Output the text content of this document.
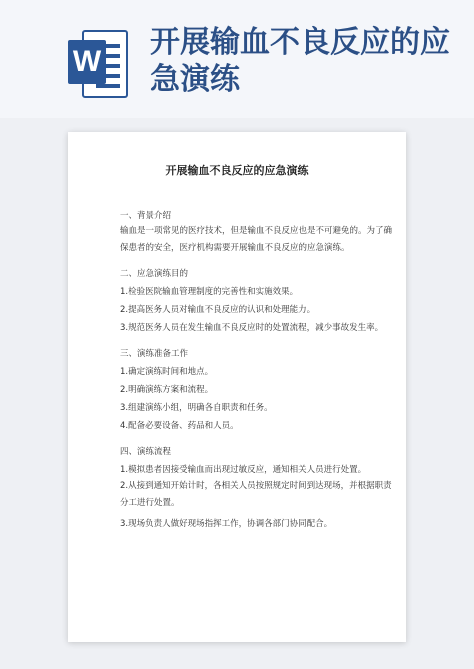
W
开展输血不良反应的应急演练
开展输血不良反应的应急演练

一、背景介绍

输血是一项常见的医疗技术，但是输血不良反应也是不可避免的。为了确保患者的安全，医疗机构需要开展输血不良反应的应急演练。

二、应急演练目的

1.检验医院输血管理制度的完善性和实施效果。

2.提高医务人员对输血不良反应的认识和处理能力。

3.规范医务人员在发生输血不良反应时的处置流程，减少事故发生率。

三、演练准备工作

1.确定演练时间和地点。

2.明确演练方案和流程。

3.组建演练小组，明确各自职责和任务。

4.配备必要设备、药品和人员。

四、演练流程

1.模拟患者因接受输血而出现过敏反应，通知相关人员进行处置。

2.从接到通知开始计时，各相关人员按照规定时间到达现场，并根据职责分工进行处置。

3.现场负责人做好现场指挥工作，协调各部门协同配合。
